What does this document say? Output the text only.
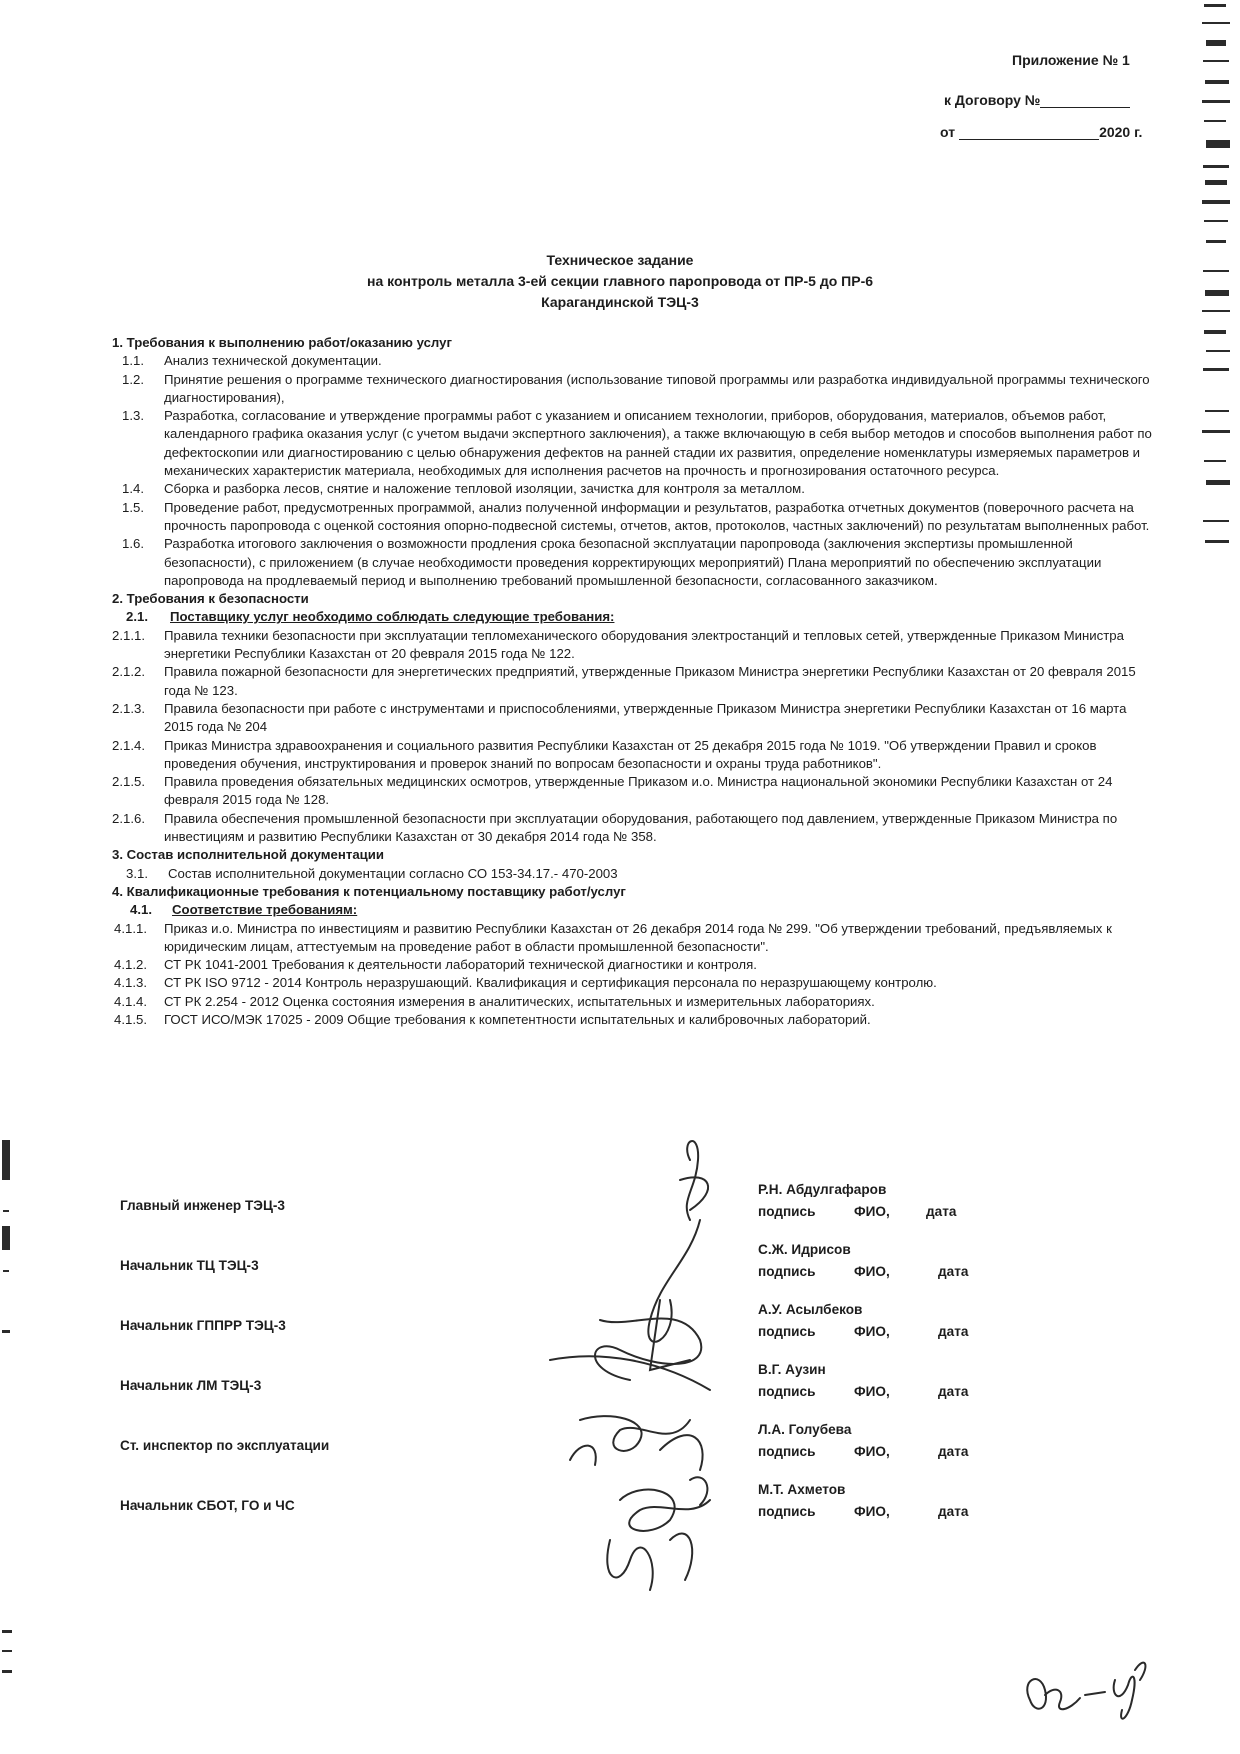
Приложение № 1
к Договору №
от	2020 г.
Техническое задание
на контроль металла 3-ей секции главного паропровода от ПР-5 до ПР-6
Карагандинской ТЭЦ-3
1. Требования к выполнению работ/оказанию услуг
1.1.	Анализ технической документации.
1.2.	Принятие решения о программе технического диагностирования (использование типовой программы или разработка индивидуальной программы технического диагностирования),
1.3.	Разработка, согласование и утверждение программы работ с указанием и описанием технологии, приборов, оборудования, материалов, объемов работ, календарного графика оказания услуг (с учетом выдачи экспертного заключения), а также включающую в себя выбор методов и способов выполнения работ по дефектоскопии или диагностированию с целью обнаружения дефектов на ранней стадии их развития, определение номенклатуры измеряемых параметров и механических характеристик материала, необходимых для исполнения расчетов на прочность и прогнозирования остаточного ресурса.
1.4.	Сборка и разборка лесов, снятие и наложение тепловой изоляции, зачистка для контроля за металлом.
1.5.	Проведение работ, предусмотренных программой, анализ полученной информации и результатов, разработка отчетных документов (поверочного расчета на прочность паропровода с оценкой состояния опорно-подвесной системы, отчетов, актов, протоколов, частных заключений) по результатам выполненных работ.
1.6.	Разработка итогового заключения о возможности продления срока безопасной эксплуатации паропровода (заключения экспертизы промышленной безопасности), с приложением (в случае необходимости проведения корректирующих мероприятий) Плана мероприятий по обеспечению эксплуатации паропровода на продлеваемый период и выполнению требований промышленной безопасности, согласованного заказчиком.
2. Требования к безопасности
2.1.	Поставщику услуг необходимо соблюдать следующие требования:
2.1.1.	Правила техники безопасности при эксплуатации тепломеханического оборудования электростанций и тепловых сетей, утвержденные Приказом Министра энергетики Республики Казахстан от 20 февраля 2015 года № 122.
2.1.2.	Правила пожарной безопасности для энергетических предприятий, утвержденные Приказом Министра энергетики Республики Казахстан от 20 февраля 2015 года № 123.
2.1.3.	Правила безопасности при работе с инструментами и приспособлениями, утвержденные Приказом Министра энергетики Республики Казахстан от 16 марта 2015 года № 204
2.1.4.	Приказ Министра здравоохранения и социального развития Республики Казахстан от 25 декабря 2015 года № 1019. "Об утверждении Правил и сроков проведения обучения, инструктирования и проверок знаний по вопросам безопасности и охраны труда работников".
2.1.5.	Правила проведения обязательных медицинских осмотров, утвержденные Приказом и.о. Министра национальной экономики Республики Казахстан от 24 февраля 2015 года № 128.
2.1.6.	Правила обеспечения промышленной безопасности при эксплуатации оборудования, работающего под давлением, утвержденные Приказом Министра по инвестициям и развитию Республики Казахстан от 30 декабря 2014 года № 358.
3. Состав исполнительной документации
3.1.	Состав исполнительной документации согласно СО 153-34.17.- 470-2003
4. Квалификационные требования к потенциальному поставщику работ/услуг
4.1.	Соответствие требованиям:
4.1.1.	Приказ и.о. Министра по инвестициям и развитию Республики Казахстан от 26 декабря 2014 года № 299. "Об утверждении требований, предъявляемых к юридическим лицам, аттестуемым на проведение работ в области промышленной безопасности".
4.1.2.	СТ РК 1041-2001 Требования к деятельности лабораторий технической диагностики и контроля.
4.1.3.	СТ РК ISO 9712 - 2014 Контроль неразрушающий. Квалификация и сертификация персонала по неразрушающему контролю.
4.1.4.	СТ РК 2.254 - 2012 Оценка состояния измерения в аналитических, испытательных и измерительных лабораториях.
4.1.5.	ГОСТ ИСО/МЭК 17025 - 2009 Общие требования к компетентности испытательных и калибровочных лабораторий.
Главный инженер ТЭЦ-3
Р.Н. Абдулгафаров
подпись	ФИО,	дата
Начальник ТЦ ТЭЦ-3
С.Ж. Идрисов
подпись	ФИО,	дата
Начальник ГППРР ТЭЦ-3
А.У. Асылбеков
подпись	ФИО,	дата
Начальник ЛМ ТЭЦ-3
В.Г. Аузин
подпись	ФИО,	дата
Ст. инспектор по эксплуатации
Л.А. Голубева
подпись	ФИО,	дата
Начальник СБОТ, ГО и ЧС
М.Т. Ахметов
подпись	ФИО,	дата
